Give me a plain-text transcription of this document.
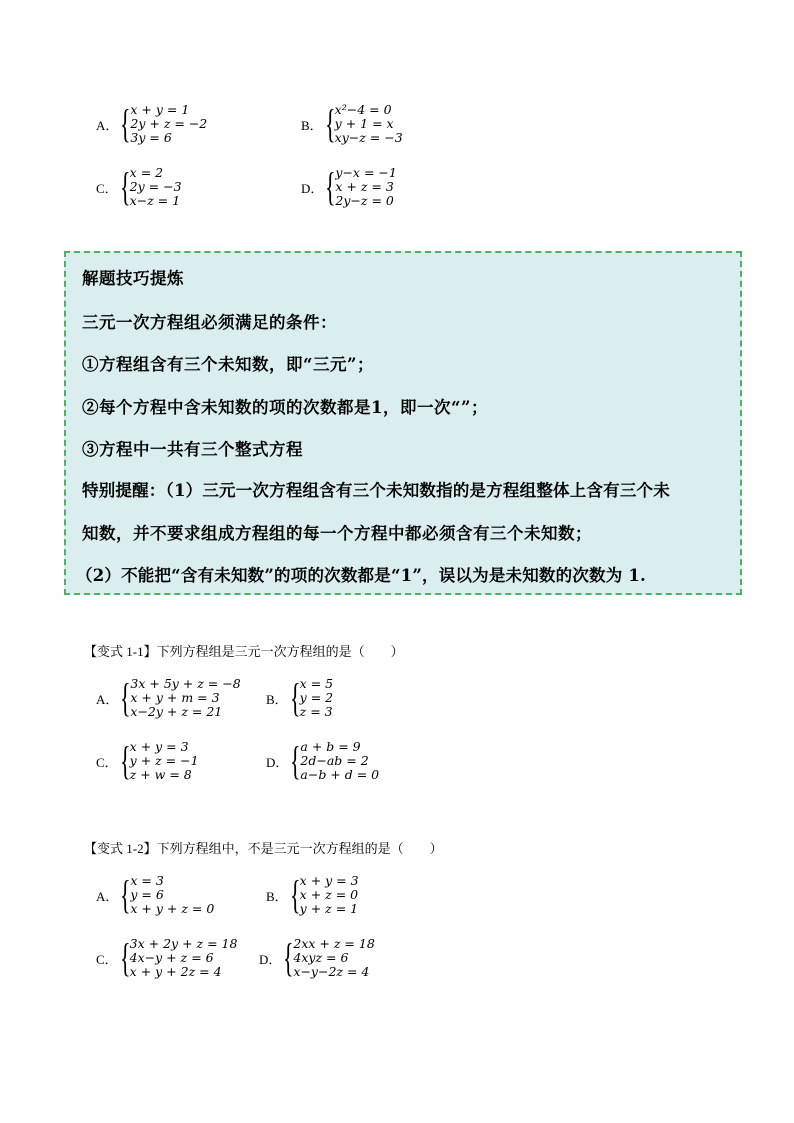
A． { x + y = 1
2y + z = −2
3y = 6
B． { x²−4 = 0
y + 1 = x
xy−z = −3
C． { x = 2
2y = −3
x−z = 1
D． { y−x = −1
x + z = 3
2y−z = 0
解题技巧提炼
三元一次方程组必须满足的条件：
①方程组含有三个未知数，即“三元”；
②每个方程中含未知数的项的次数都是1，即一次“”；
③方程中一共有三个整式方程
特别提醒：（1）三元一次方程组含有三个未知数指的是方程组整体上含有三个未
知数，并不要求组成方程组的每一个方程中都必须含有三个未知数；
（2）不能把“含有未知数”的项的次数都是“1”，误以为是未知数的次数为 1.
【变式 1-1】下列方程组是三元一次方程组的是（　　）
A． { 3x + 5y + z = −8
x + y + m = 3
x−2y + z = 21
B． { x = 5
y = 2
z = 3
C． { x + y = 3
y + z = −1
z + w = 8
D． { a + b = 9
2d−ab = 2
a−b + d = 0
【变式 1-2】下列方程组中，不是三元一次方程组的是（　　）
A． { x = 3
y = 6
x + y + z = 0
B． { x + y = 3
x + z = 0
y + z = 1
C． { 3x + 2y + z = 18
4x−y + z = 6
x + y + 2z = 4
D． { 2xx + z = 18
4xyz = 6
x−y−2z = 4
